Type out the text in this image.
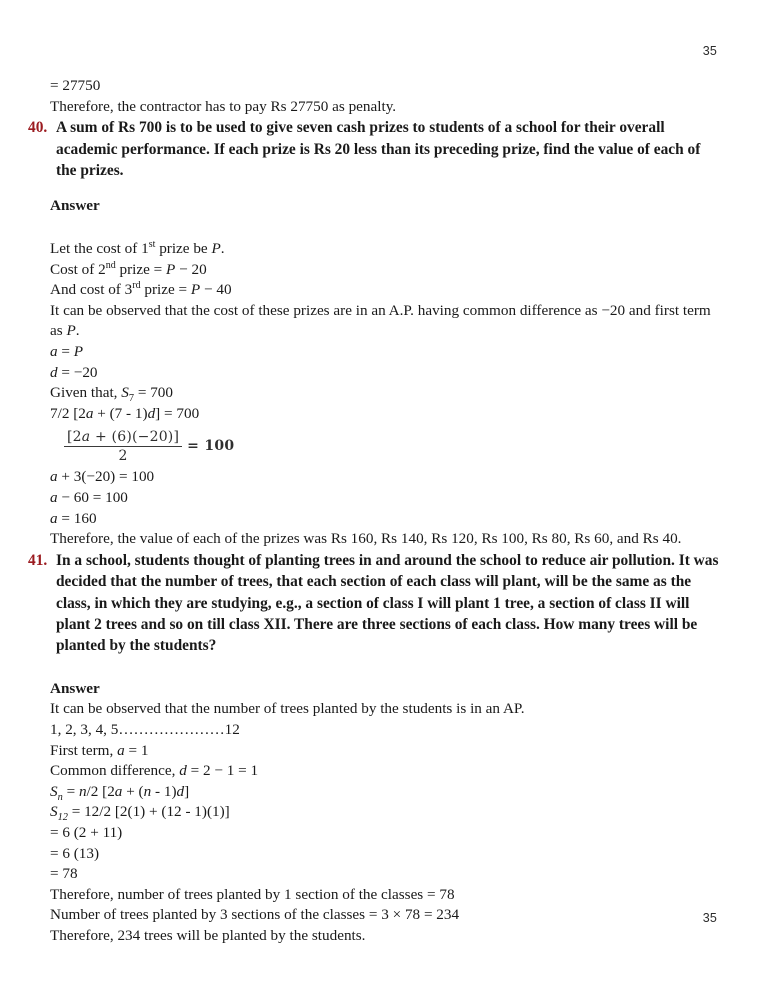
35
= 27750
Therefore, the contractor has to pay Rs 27750 as penalty.
40. A sum of Rs 700 is to be used to give seven cash prizes to students of a school for their overall academic performance. If each prize is Rs 20 less than its preceding prize, find the value of each of the prizes.
Answer
Let the cost of 1st prize be P.
Cost of 2nd prize = P − 20
And cost of 3rd prize = P − 40
It can be observed that the cost of these prizes are in an A.P. having common difference as −20 and first term
as P.
a = P
d = −20
Given that, $S_7 = 700$
7/2 [2a + (7 - 1)d] = 700
$\frac{[2a + (6)(-20)]}{2} = 100$
a + 3(−20) = 100
a − 60 = 100
a = 160
Therefore, the value of each of the prizes was Rs 160, Rs 140, Rs 120, Rs 100, Rs 80, Rs 60, and Rs 40.
41. In a school, students thought of planting trees in and around the school to reduce air pollution. It was decided that the number of trees, that each section of each class will plant, will be the same as the class, in which they are studying, e.g., a section of class I will plant 1 tree, a section of class II will plant 2 trees and so on till class XII. There are three sections of each class. How many trees will be planted by the students?
Answer
It can be observed that the number of trees planted by the students is in an AP.
1, 2, 3, 4, 5…………………12
First term, a = 1
Common difference, d = 2 − 1 = 1
$S_n = n/2$ [2a + (n - 1)d]
$S_{12} = 12/2$ [2(1) + (12 - 1)(1)]
= 6 (2 + 11)
= 6 (13)
= 78
Therefore, number of trees planted by 1 section of the classes = 78
Number of trees planted by 3 sections of the classes = 3 × 78 = 234
Therefore, 234 trees will be planted by the students.
35
